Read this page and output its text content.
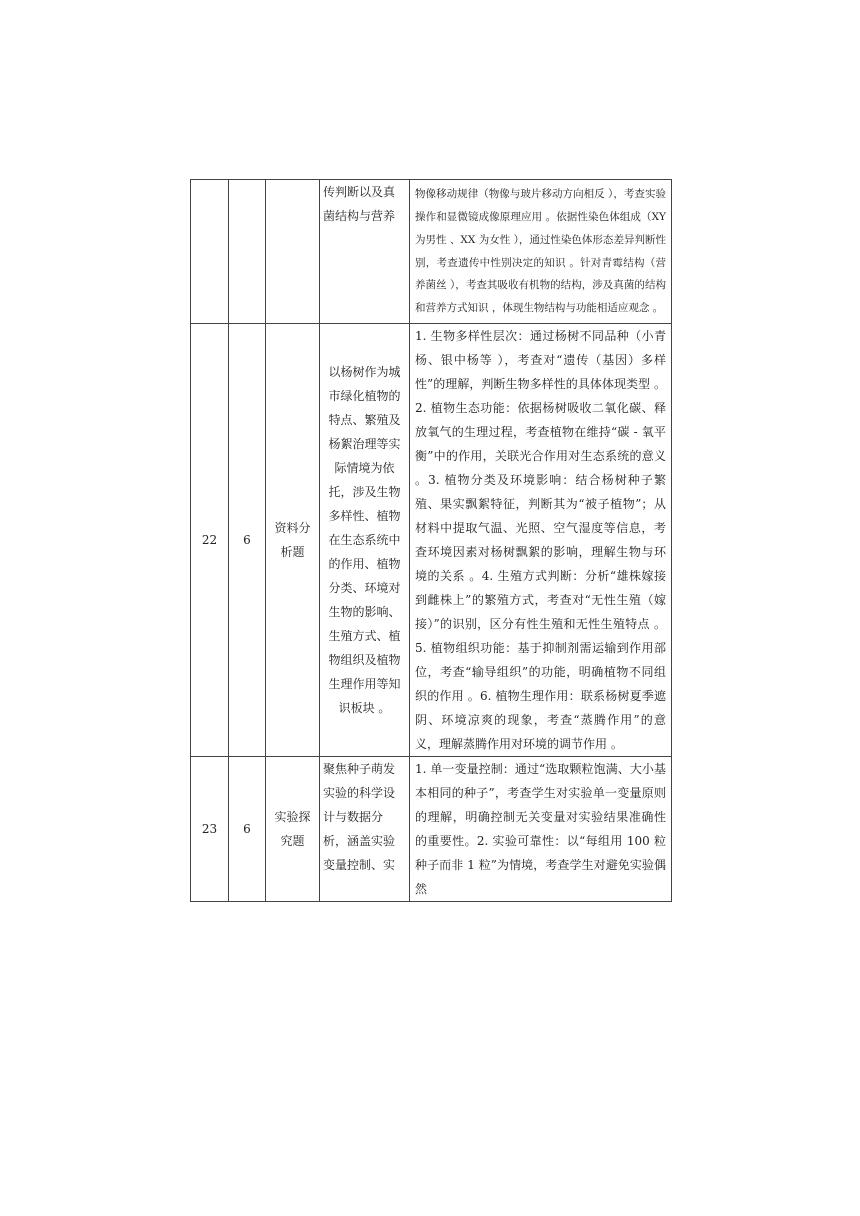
			传判断以及真菌结构与营养	物像移动规律（物像与玻片移动方向相反 ），考查实验操作和显微镜成像原理应用 。依据性染色体组成（XY 为男性 、XX 为女性 ），通过性染色体形态差异判断性别，考查遗传中性别决定的知识 。针对青霉结构（营养菌丝 ），考查其吸收有机物的结构，涉及真菌的结构和营养方式知识 ，体现生物结构与功能相适应观念 。

22	6	资料分析题	以杨树作为城市绿化植物的特点、繁殖及杨絮治理等实际情境为依托，涉及生物多样性、植物在生态系统中的作用、植物分类、环境对生物的影响、生殖方式、植物组织及植物生理作用等知识板块 。	1. 生物多样性层次：通过杨树不同品种（小青杨、银中杨等 ），考查对“遗传（基因）多样性”的理解，判断生物多样性的具体体现类型 。2. 植物生态功能：依据杨树吸收二氧化碳、释放氧气的生理过程，考查植物在维持“碳 - 氧平衡”中的作用，关联光合作用对生态系统的意义 。3. 植物分类及环境影响：结合杨树种子繁殖、果实飘絮特征，判断其为“被子植物”；从材料中提取气温、光照、空气湿度等信息，考查环境因素对杨树飘絮的影响，理解生物与环境的关系 。4. 生殖方式判断：分析“雄株嫁接到雌株上”的繁殖方式，考查对“无性生殖（嫁接）”的识别，区分有性生殖和无性生殖特点 。5. 植物组织功能：基于抑制剂需运输到作用部位，考查“输导组织”的功能，明确植物不同组织的作用 。6. 植物生理作用：联系杨树夏季遮阴、环境凉爽的现象，考查“蒸腾作用”的意义，理解蒸腾作用对环境的调节作用 。

23	6	实验探究题	聚焦种子萌发实验的科学设计与数据分析，涵盖实验变量控制、实	1. 单一变量控制：通过“选取颗粒饱满、大小基本相同的种子”，考查学生对实验单一变量原则的理解，明确控制无关变量对实验结果准确性的重要性。2. 实验可靠性：以“每组用 100 粒种子而非 1 粒”为情境，考查学生对避免实验偶然
